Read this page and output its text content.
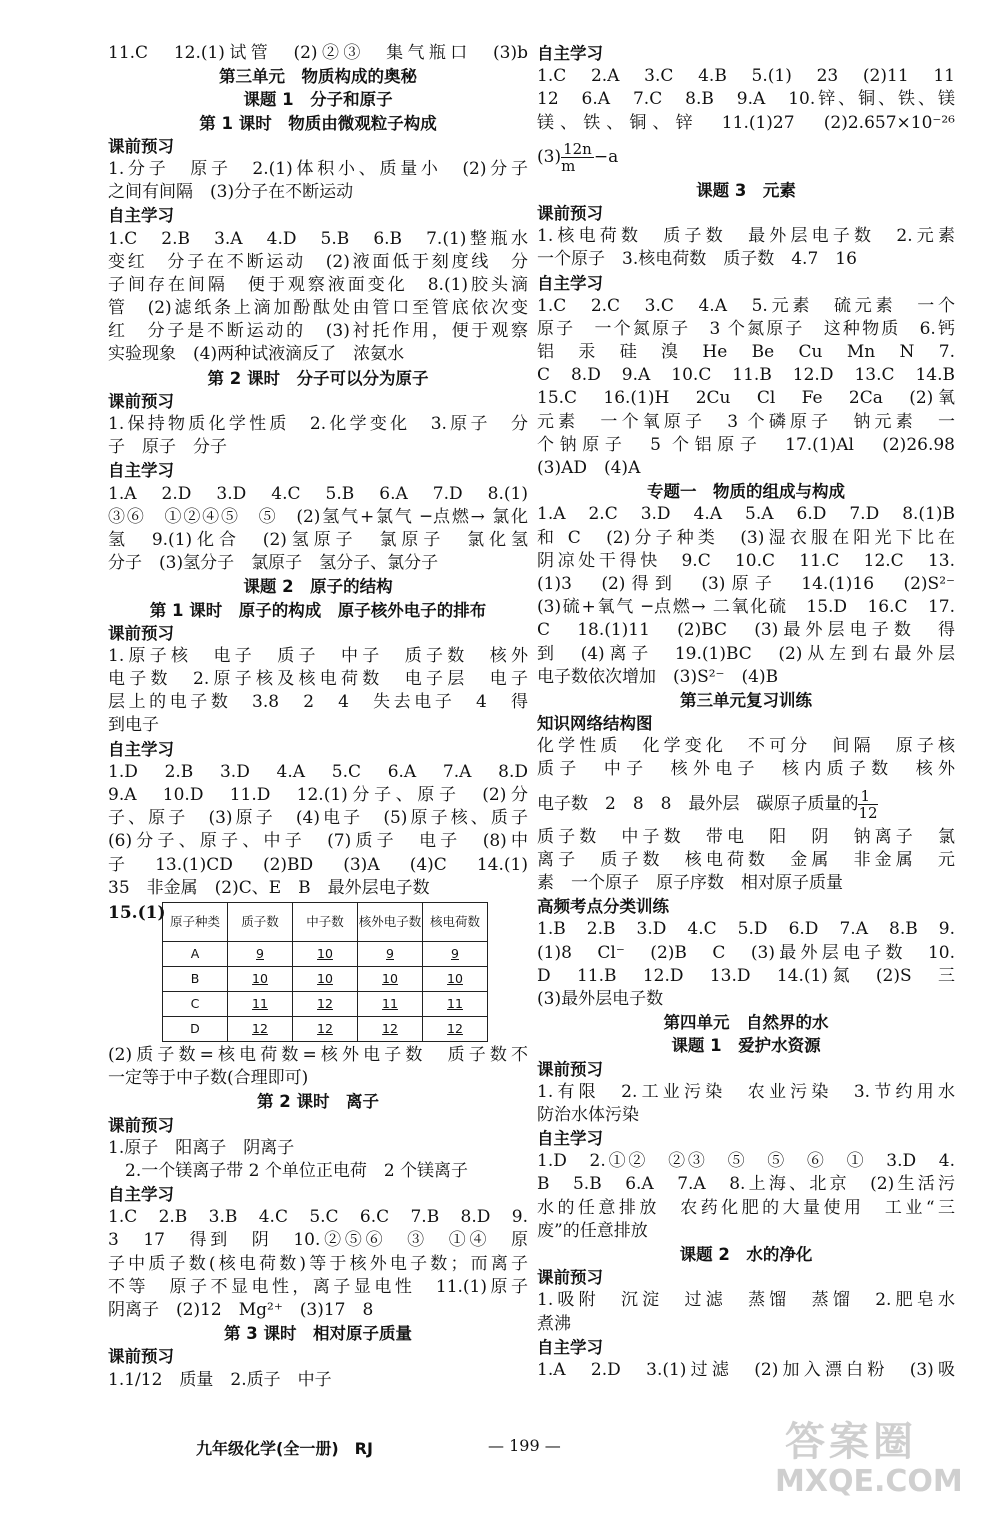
11.C　12.(1)试管　(2)②③　集气瓶口　(3)b
第三单元　物质构成的奥秘
课题 1　分子和原子
第 1 课时　物质由微观粒子构成
课前预习
1.分子　原子　2.(1)体积小、质量小　(2)分子
之间有间隔　(3)分子在不断运动
自主学习
1.C　2.B　3.A　4.D　5.B　6.B　7.(1)整瓶水
变红　分子在不断运动　(2)液面低于刻度线　分
子间存在间隔　便于观察液面变化　8.(1)胶头滴
管　(2)滤纸条上滴加酚酞处由管口至管底依次变
红　分子是不断运动的　(3)衬托作用，便于观察
实验现象　(4)两种试液滴反了　浓氨水
第 2 课时　分子可以分为原子
课前预习
1.保持物质化学性质　2.化学变化　3.原子　分
子　原子　分子
自主学习
1.A　2.D　3.D　4.C　5.B　6.A　7.D　8.(1)
③⑥　①②④⑤　⑤　(2)氢气+氯气 ─点燃→ 氯化
氢　9.(1)化合　(2)氢原子　氯原子　氯化氢
分子　(3)氢分子　氯原子　氢分子、氯分子
课题 2　原子的结构
第 1 课时　原子的构成　原子核外电子的排布
课前预习
1.原子核　电子　质子　中子　质子数　核外
电子数　2.原子核及核电荷数　电子层　电子
层上的电子数　3.8　2　4　失去电子　4　得
到电子
自主学习
1.D　2.B　3.D　4.A　5.C　6.A　7.A　8.D
9.A　10.D　11.D　12.(1)分子、原子　(2)分
子、原子　(3)原子　(4)电子　(5)原子核、质子
(6)分子、原子、中子　(7)质子　电子　(8)中
子　13.(1)CD　(2)BD　(3)A　(4)C　14.(1)
35　非金属　(2)C、E　B　最外层电子数
15.(1) 原子种类	质子数	中子数	核外电子数	核电荷数
A	9	10	9	9
B	10	10	10	10
C	11	12	11	11
D	12	12	12	12
(2)质子数=核电荷数=核外电子数　质子数不
一定等于中子数(合理即可)
第 2 课时　离子
课前预习
1.原子　阳离子　阴离子
　2.一个镁离子带 2 个单位正电荷　2 个镁离子
自主学习
1.C　2.B　3.B　4.C　5.C　6.C　7.B　8.D　9.
3　17　得到　阴　10.②⑤⑥　③　①④　原
子中质子数(核电荷数)等于核外电子数；而离子
不等　原子不显电性，离子显电性　11.(1)原子
阴离子　(2)12　Mg²⁺　(3)17　8
第 3 课时　相对原子质量
课前预习
1.1/12　质量　2.质子　中子
自主学习
1.C　2.A　3.C　4.B　5.(1)　23　(2)11　11
12　6.A　7.C　8.B　9.A　10.锌、铜、铁、镁
镁、铁、铜、锌　11.(1)27　(2)2.657×10⁻²⁶
$(3) \frac{12n}{m} -a$
课题 3　元素
课前预习
1.核电荷数　质子数　最外层电子数　2.元素
一个原子　3.核电荷数　质子数　4.7　16
自主学习
1.C　2.C　3.C　4.A　5.元素　硫元素　一个
原子　一个氮原子　3 个氮原子　这种物质　6.钙
铝　汞　硅　溴　He　Be　Cu　Mn　N　7.
C　8.D　9.A　10.C　11.B　12.D　13.C　14.B
15.C　16.(1)H　2Cu　Cl　Fe　2Ca　(2)氧
元素　一个氧原子　3 个磷原子　钠元素　一
个钠原子　5 个铝原子　17.(1)Al　(2)26.98
(3)AD　(4)A
专题一　物质的组成与构成
1.A　2.C　3.D　4.A　5.A　6.D　7.D　8.(1)B
和 C　(2)分子种类　(3)湿衣服在阳光下比在
阴凉处干得快　9.C　10.C　11.C　12.C　13.
(1)3　(2)得到　(3)原子　14.(1)16　(2)S²⁻
(3)硫+氧气 ─点燃→ 二氧化硫　15.D　16.C　17.
C　18.(1)11　(2)BC　(3)最外层电子数　得
到　(4)离子　19.(1)BC　(2)从左到右最外层
电子数依次增加　(3)S²⁻　(4)B
第三单元复习训练
知识网络结构图
化学性质　化学变化　不可分　间隔　原子核
质子　中子　核外电子　核内质子数　核外
电子数　2　8　8　最外层　碳原子质量的 $\frac{1}{12}$
质子数　中子数　带电　阳　阴　钠离子　氯
离子　质子数　核电荷数　金属　非金属　元
素　一个原子　原子序数　相对原子质量
高频考点分类训练
1.B　2.B　3.D　4.C　5.D　6.D　7.A　8.B　9.
(1)8　Cl⁻　(2)B　C　(3)最外层电子数　10.
D　11.B　12.D　13.D　14.(1)氮　(2)S　三
(3)最外层电子数
第四单元　自然界的水
课题 1　爱护水资源
课前预习
1.有限　2.工业污染　农业污染　3.节约用水
防治水体污染
自主学习
1.D　2.①②　②③　⑤　⑤　⑥　①　3.D　4.
B　5.B　6.A　7.A　8.上海、北京　(2)生活污
水的任意排放　农药化肥的大量使用　工业“三
废”的任意排放
课题 2　水的净化
课前预习
1.吸附　沉淀　过滤　蒸馏　蒸馏　2.肥皂水
煮沸
自主学习
1.A　2.D　3.(1)过滤　(2)加入漂白粉　(3)吸
九年级化学(全一册)　RJ	— 199 —	答案圈
MXQE.COM
